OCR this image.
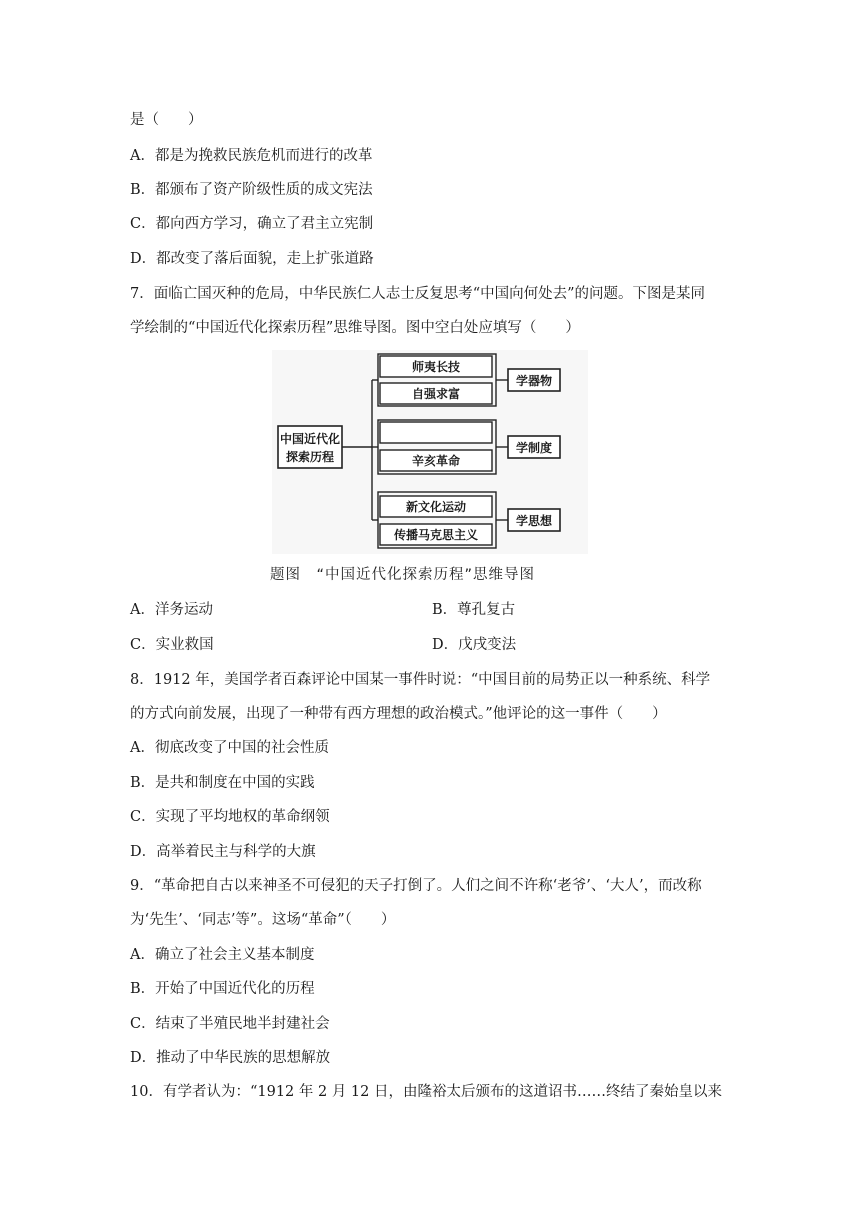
是（　　）
A．都是为挽救民族危机而进行的改革
B．都颁布了资产阶级性质的成文宪法
C．都向西方学习，确立了君主立宪制
D．都改变了落后面貌，走上扩张道路
7．面临亡国灭种的危局，中华民族仁人志士反复思考“中国向何处去”的问题。下图是某同
学绘制的“中国近代化探索历程”思维导图。图中空白处应填写（　　）
中国近代化
探索历程
师夷长技
自强求富
辛亥革命
新文化运动
传播马克思主义
学器物
学制度
学思想
题图　“中国近代化探索历程”思维导图
A．洋务运动	B．尊孔复古
C．实业救国	D．戊戌变法
8．1912 年，美国学者百森评论中国某一事件时说：“中国目前的局势正以一种系统、科学
的方式向前发展，出现了一种带有西方理想的政治模式。”他评论的这一事件（　　）
A．彻底改变了中国的社会性质
B．是共和制度在中国的实践
C．实现了平均地权的革命纲领
D．高举着民主与科学的大旗
9．“革命把自古以来神圣不可侵犯的天子打倒了。人们之间不许称‘老爷’、‘大人’，而改称
为‘先生’、‘同志’等”。这场“革命”（　　）
A．确立了社会主义基本制度
B．开始了中国近代化的历程
C．结束了半殖民地半封建社会
D．推动了中华民族的思想解放
10．有学者认为：“1912 年 2 月 12 日，由隆裕太后颁布的这道诏书……终结了秦始皇以来
